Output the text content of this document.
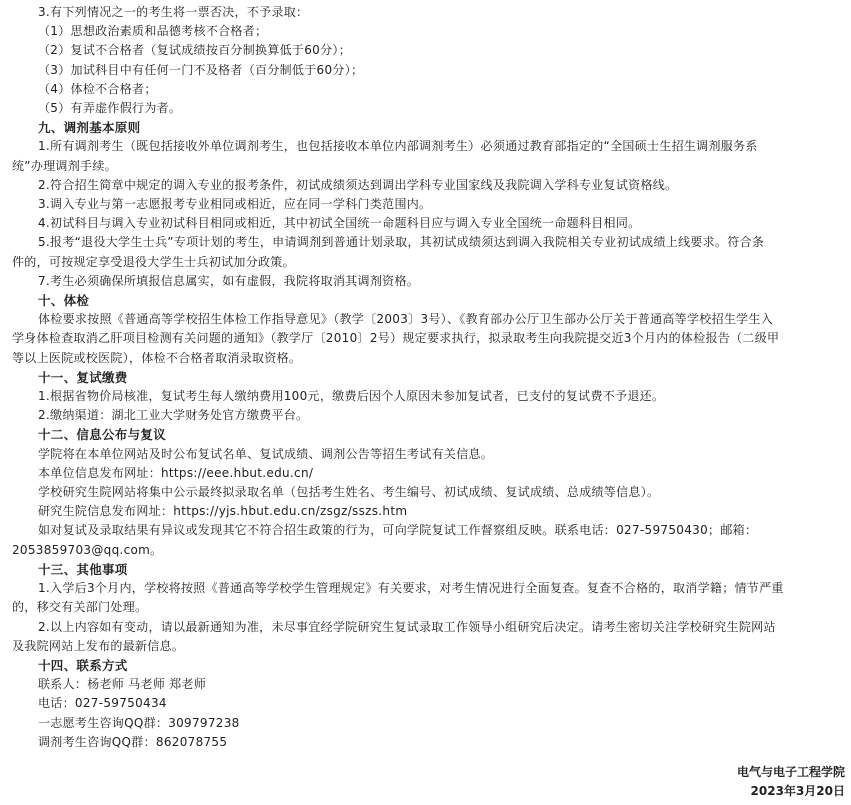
3.有下列情况之一的考生将一票否决，不予录取：
（1）思想政治素质和品德考核不合格者；
（2）复试不合格者（复试成绩按百分制换算低于60分）；
（3）加试科目中有任何一门不及格者（百分制低于60分）；
（4）体检不合格者；
（5）有弄虚作假行为者。
九、调剂基本原则
1.所有调剂考生（既包括接收外单位调剂考生，也包括接收本单位内部调剂考生）必须通过教育部指定的“全国硕士生招生调剂服务系
统”办理调剂手续。
2.符合招生简章中规定的调入专业的报考条件，初试成绩须达到调出学科专业国家线及我院调入学科专业复试资格线。
3.调入专业与第一志愿报考专业相同或相近，应在同一学科门类范围内。
4.初试科目与调入专业初试科目相同或相近，其中初试全国统一命题科目应与调入专业全国统一命题科目相同。
5.报考“退役大学生士兵”专项计划的考生，申请调剂到普通计划录取，其初试成绩须达到调入我院相关专业初试成绩上线要求。符合条
件的，可按规定享受退役大学生士兵初试加分政策。
7.考生必须确保所填报信息属实，如有虚假，我院将取消其调剂资格。
十、体检
体检要求按照《普通高等学校招生体检工作指导意见》（教学〔2003〕3号）、《教育部办公厅卫生部办公厅关于普通高等学校招生学生入
学身体检查取消乙肝项目检测有关问题的通知》（教学厅〔2010〕2号）规定要求执行，拟录取考生向我院提交近3个月内的体检报告（二级甲
等以上医院或校医院），体检不合格者取消录取资格。
十一、复试缴费
1.根据省物价局核准，复试考生每人缴纳费用100元，缴费后因个人原因未参加复试者，已支付的复试费不予退还。
2.缴纳渠道：湖北工业大学财务处官方缴费平台。
十二、信息公布与复议
学院将在本单位网站及时公布复试名单、复试成绩、调剂公告等招生考试有关信息。
本单位信息发布网址：https://eee.hbut.edu.cn/
学校研究生院网站将集中公示最终拟录取名单（包括考生姓名、考生编号、初试成绩、复试成绩、总成绩等信息）。
研究生院信息发布网址：https://yjs.hbut.edu.cn/zsgz/sszs.htm
如对复试及录取结果有异议或发现其它不符合招生政策的行为，可向学院复试工作督察组反映。联系电话：027-59750430；邮箱：
2053859703@qq.com。
十三、其他事项
1.入学后3个月内，学校将按照《普通高等学校学生管理规定》有关要求，对考生情况进行全面复查。复查不合格的，取消学籍；情节严重
的，移交有关部门处理。
2.以上内容如有变动，请以最新通知为准，未尽事宜经学院研究生复试录取工作领导小组研究后决定。请考生密切关注学校研究生院网站
及我院网站上发布的最新信息。
十四、联系方式
联系人：杨老师 马老师 郑老师
电话：027-59750434
一志愿考生咨询QQ群：309797238
调剂考生咨询QQ群：862078755
电气与电子工程学院
2023年3月20日
